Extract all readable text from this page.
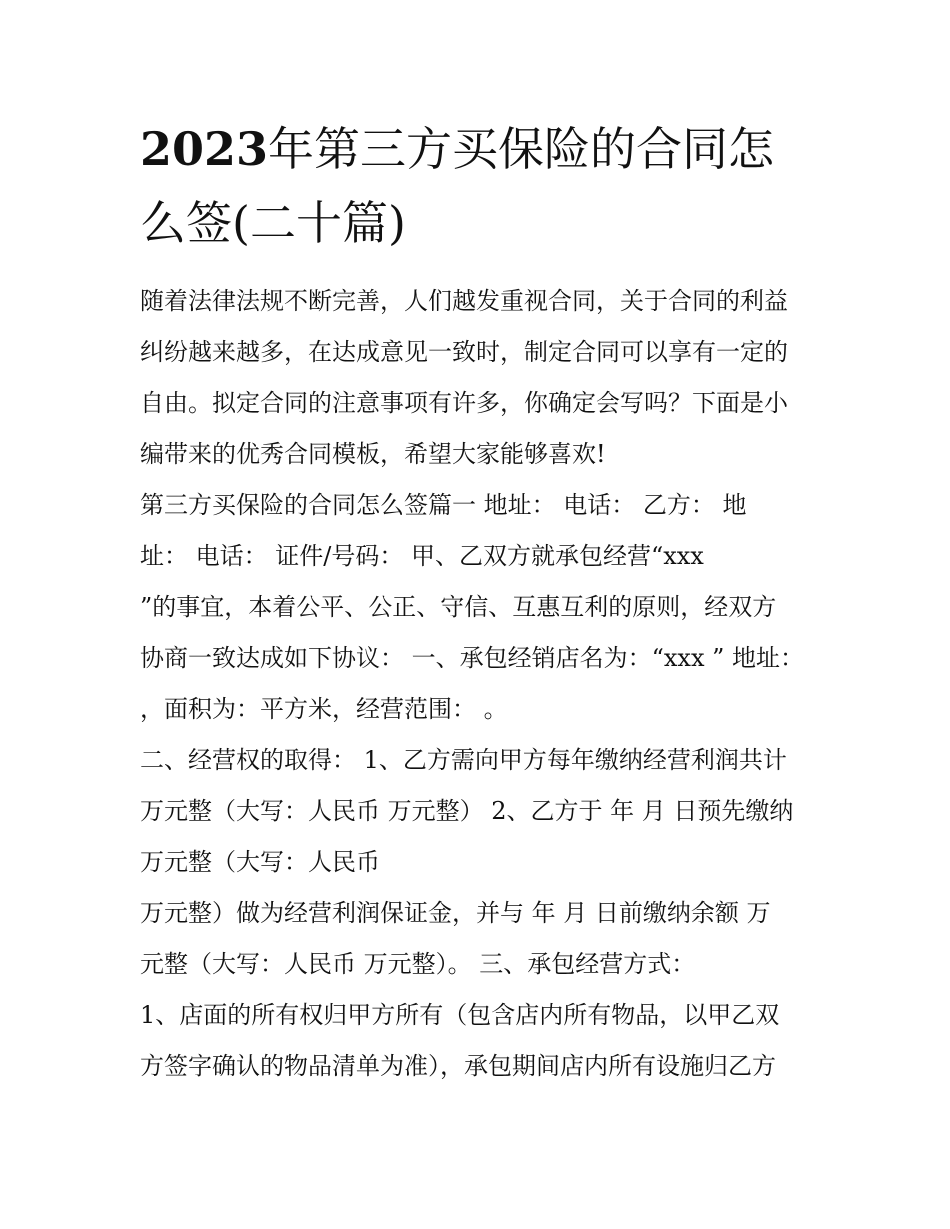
2023年第三方买保险的合同怎
么签(二十篇)
随着法律法规不断完善，人们越发重视合同，关于合同的利益
纠纷越来越多，在达成意见一致时，制定合同可以享有一定的
自由。拟定合同的注意事项有许多，你确定会写吗？下面是小
编带来的优秀合同模板，希望大家能够喜欢!
第三方买保险的合同怎么签篇一 地址： 电话： 乙方： 地
址： 电话： 证件/号码： 甲、乙双方就承包经营“xxx
”的事宜，本着公平、公正、守信、互惠互利的原则，经双方
协商一致达成如下协议： 一、承包经销店名为：“xxx ” 地址：
，面积为：平方米，经营范围： 。
二、经营权的取得： 1、乙方需向甲方每年缴纳经营利润共计
万元整（大写：人民币 万元整） 2、乙方于 年 月 日预先缴纳
万元整（大写：人民币
万元整）做为经营利润保证金，并与 年 月 日前缴纳余额 万
元整（大写：人民币 万元整）。 三、承包经营方式：
1、店面的所有权归甲方所有（包含店内所有物品，以甲乙双
方签字确认的物品清单为准），承包期间店内所有设施归乙方
